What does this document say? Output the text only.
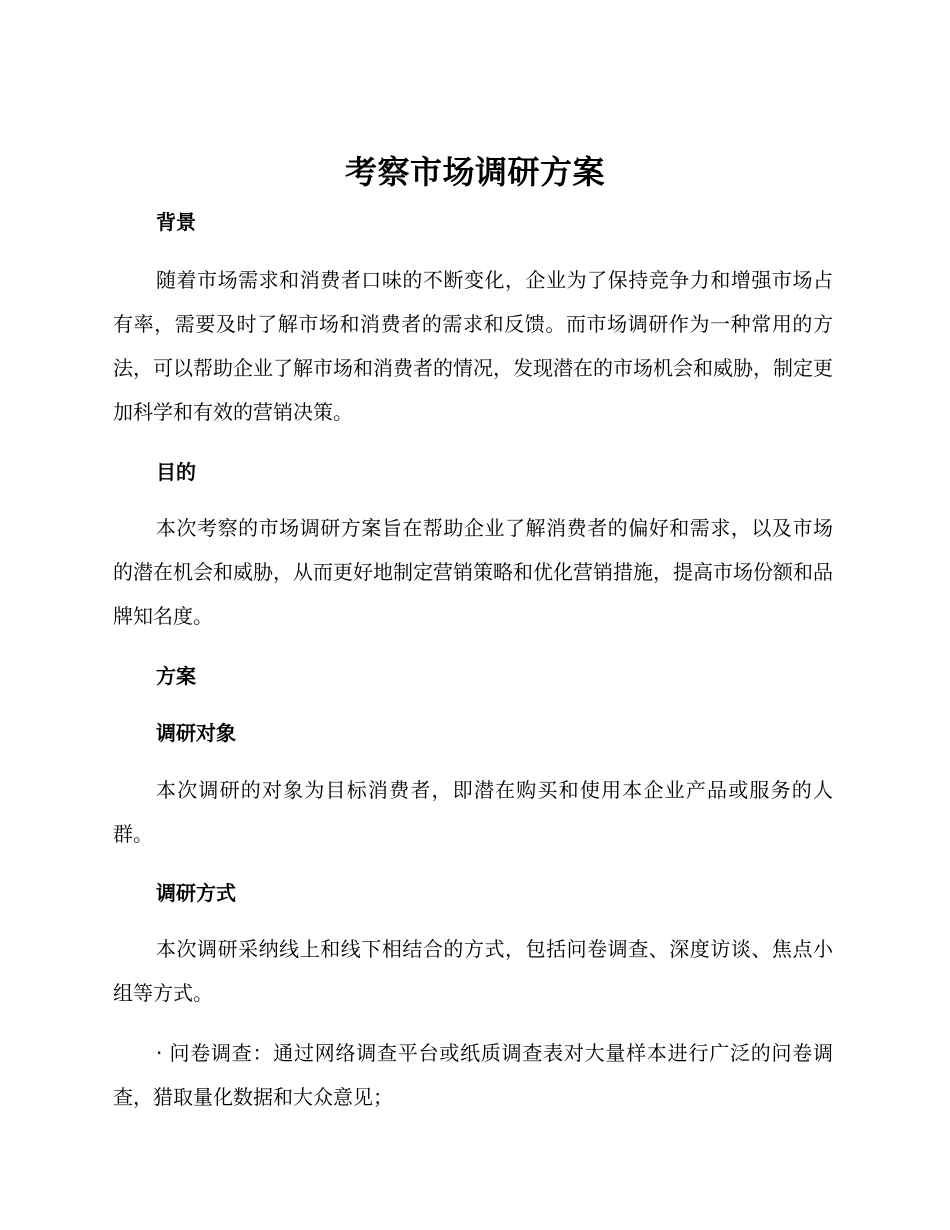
考察市场调研方案
背景
随着市场需求和消费者口味的不断变化，企业为了保持竞争力和增强市场占有率，需要及时了解市场和消费者的需求和反馈。而市场调研作为一种常用的方法，可以帮助企业了解市场和消费者的情况，发现潜在的市场机会和威胁，制定更加科学和有效的营销决策。
目的
本次考察的市场调研方案旨在帮助企业了解消费者的偏好和需求，以及市场的潜在机会和威胁，从而更好地制定营销策略和优化营销措施，提高市场份额和品牌知名度。
方案
调研对象
本次调研的对象为目标消费者，即潜在购买和使用本企业产品或服务的人群。
调研方式
本次调研采纳线上和线下相结合的方式，包括问卷调查、深度访谈、焦点小组等方式。
· 问卷调查：通过网络调查平台或纸质调查表对大量样本进行广泛的问卷调查，猎取量化数据和大众意见；
